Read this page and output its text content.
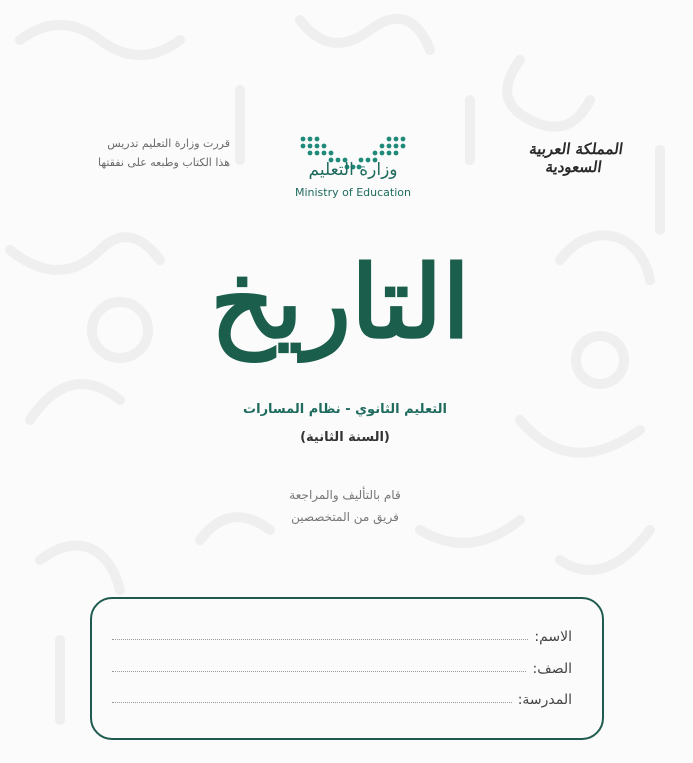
قررت وزارة التعليم تدريس
هذا الكتاب وطبعه على نفقتها	وزارة التعليم
Ministry of Education
المملكة العربية السعودية
التاريخ
التعليم الثانوي - نظام المسارات
(السنة الثانية)
قام بالتأليف والمراجعة
فريق من المتخصصين
الاسم:
الصف:
المدرسة:
